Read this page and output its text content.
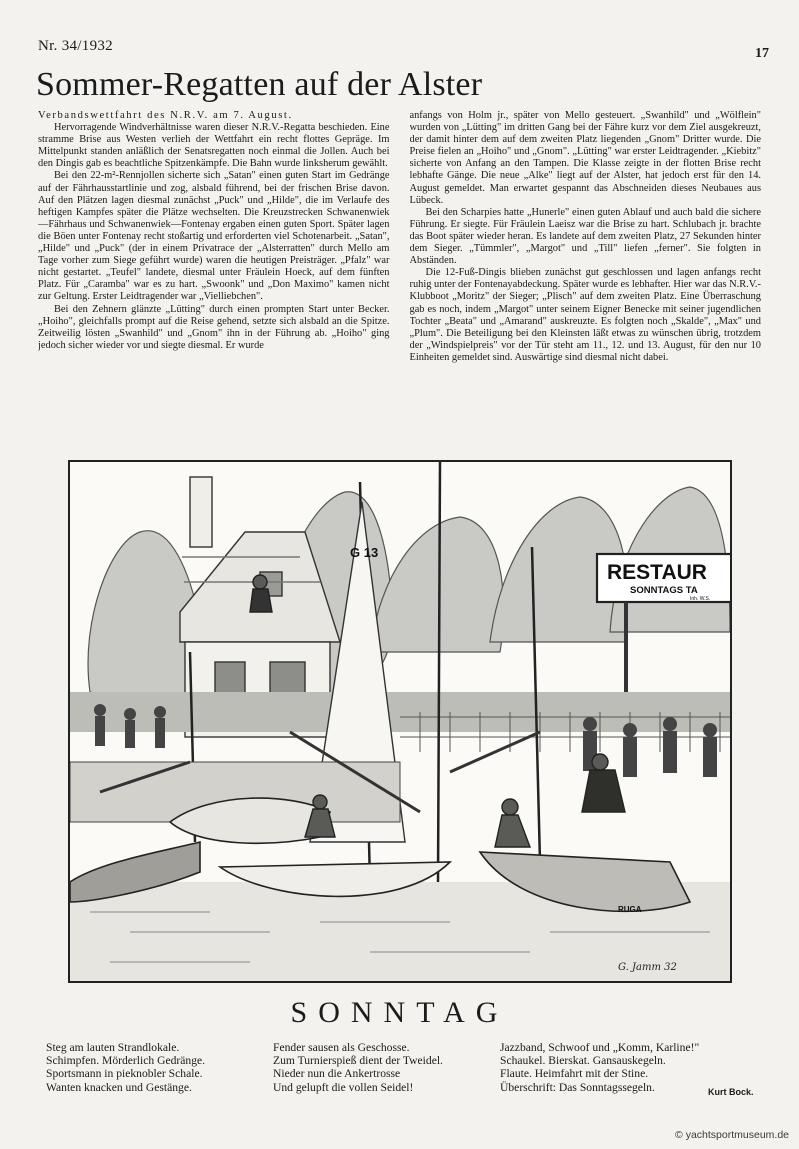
Nr. 34/1932	17
Sommer-Regatten auf der Alster

Verbandswettfahrt des N.R.V. am 7. August.

Hervorragende Windverhältnisse waren dieser N.R.V.-Regatta beschieden. Eine stramme Brise aus Westen verlieh der Wettfahrt ein recht flottes Gepräge. Im Mittelpunkt standen anläßlich der Senatsregatten noch einmal die Jollen. Auch bei den Dingis gab es beachtliche Spitzenkämpfe. Die Bahn wurde linksherum gewählt.

Bei den 22-m²-Rennjollen sicherte sich „Satan" einen guten Start im Gedränge auf der Fährhausstartlinie und zog, alsbald führend, bei der frischen Brise davon. Auf den Plätzen lagen diesmal zunächst „Puck" und „Hilde", die im Verlaufe des heftigen Kampfes später die Plätze wechselten. Die Kreuzstrecken Schwanenwiek—Fährhaus und Schwanenwiek—Fontenay ergaben einen guten Sport. Später lagen die Böen unter Fontenay recht stoßartig und erforderten viel Schotenarbeit. „Satan", „Hilde" und „Puck" (der in einem Privatrace der „Alsterratten" durch Mello am Tage vorher zum Siege geführt wurde) waren die heutigen Preisträger. „Pfalz" war nicht gestartet. „Teufel" landete, diesmal unter Fräulein Hoeck, auf dem fünften Platz. Für „Caramba" war es zu hart. „Swoonk" und „Don Maximo" kamen nicht zur Geltung. Erster Leidtragender war „Vielliebchen".

Bei den Zehnern glänzte „Lütting" durch einen prompten Start unter Becker. „Hoiho", gleichfalls prompt auf die Reise gehend, setzte sich alsbald an die Spitze. Zeitweilig lösten „Swanhild" und „Gnom" ihn in der Führung ab. „Hoiho" ging jedoch sicher wieder vor und siegte diesmal. Er wurde

anfangs von Holm jr., später von Mello gesteuert. „Swanhild" und „Wölflein" wurden von „Lütting" im dritten Gang bei der Fähre kurz vor dem Ziel ausgekreuzt, der damit hinter dem auf dem zweiten Platz liegenden „Gnom" Dritter wurde. Die Preise fielen an „Hoiho" und „Gnom". „Lütting" war erster Leidtragender. „Kiebitz" sicherte von Anfang an den Tampen. Die Klasse zeigte in der flotten Brise recht lebhafte Gänge. Die neue „Alke" liegt auf der Alster, hat jedoch erst für den 14. August gemeldet. Man erwartet gespannt das Abschneiden dieses Neubaues aus Lübeck.

Bei den Scharpies hatte „Hunerle" einen guten Ablauf und auch bald die sichere Führung. Er siegte. Für Fräulein Laeisz war die Brise zu hart. Schlubach jr. brachte das Boot später wieder heran. Es landete auf dem zweiten Platz, 27 Sekunden hinter dem Sieger. „Tümmler", „Margot" und „Till" liefen „ferner". Sie folgten in Abständen.

Die 12-Fuß-Dingis blieben zunächst gut geschlossen und lagen anfangs recht ruhig unter der Fontenayabdeckung. Später wurde es lebhafter. Hier war das N.R.V.-Klubboot „Moritz" der Sieger; „Plisch" auf dem zweiten Platz. Eine Überraschung gab es noch, indem „Margot" unter seinem Eigner Benecke mit seiner jugendlichen Tochter „Beata" und „Amarand" auskreuzte. Es folgten noch „Skalde", „Max" und „Plum". Die Beteiligung bei den Kleinsten läßt etwas zu wünschen übrig, trotzdem der „Windspielpreis" vor der Tür steht am 11., 12. und 13. August, für den nur 10 Einheiten gemeldet sind. Auswärtige sind diesmal nicht dabei.

RESTAUR
SONNTAGS TA
Inh. W.S.
G 13
RUGA
G. Jamm 32
SONNTAG
Steg am lauten Strandlokale.
Schimpfen. Mörderlich Gedränge.
Sportsmann in pieknobler Schale.
Wanten knacken und Gestänge.
Fender sausen als Geschosse.
Zum Turnierspieß dient der Tweidel.
Nieder nun die Ankertrosse
Und gelupft die vollen Seidel!
Jazzband, Schwoof und „Komm, Karline!"
Schaukel. Bierskat. Gansauskegeln.
Flaute. Heimfahrt mit der Stine.
Überschrift: Das Sonntagssegeln.	Kurt Bock.
© yachtsportmuseum.de
